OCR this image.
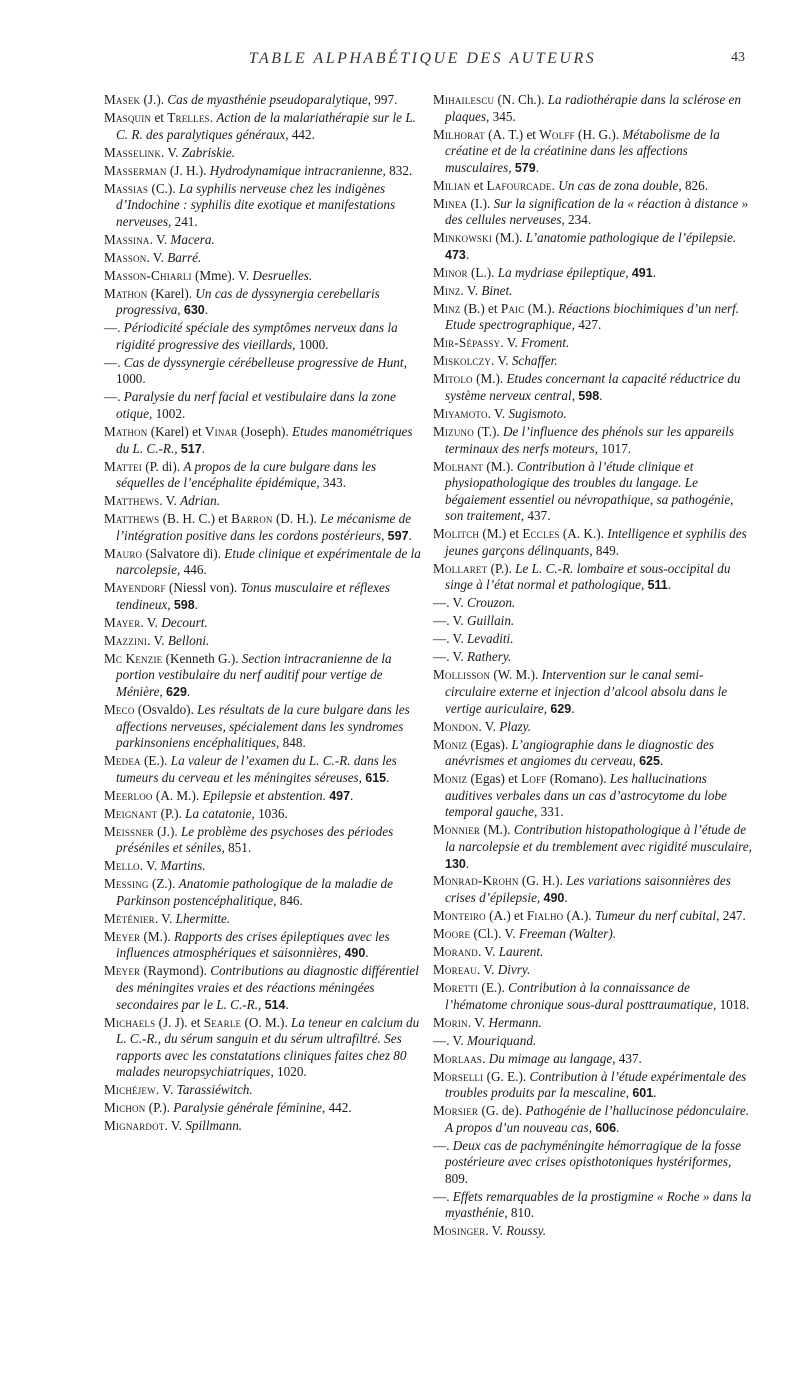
TABLE ALPHABÉTIQUE DES AUTEURS	43

Masek (J.). Cas de myasthénie pseudoparalytique, 997.

Masquin et Trelles. Action de la malariathérapie sur le L. C. R. des paralytiques généraux, 442.

Masselink. V. Zabriskie.

Masserman (J. H.). Hydrodynamique intracranienne, 832.

Massias (C.). La syphilis nerveuse chez les indigènes d’Indochine : syphilis dite exotique et manifestations nerveuses, 241.

Massina. V. Macera.

Masson. V. Barré.

Masson-Chiarli (Mme). V. Desruelles.

Mathon (Karel). Un cas de dyssynergia cerebellaris progressiva, 630.

—. Périodicité spéciale des symptômes nerveux dans la rigidité progressive des vieillards, 1000.

—. Cas de dyssynergie cérébelleuse progressive de Hunt, 1000.

—. Paralysie du nerf facial et vestibulaire dans la zone otique, 1002.

Mathon (Karel) et Vinar (Joseph). Etudes manométriques du L. C.-R., 517.

Mattei (P. di). A propos de la cure bulgare dans les séquelles de l’encéphalite épidémique, 343.

Matthews. V. Adrian.

Matthews (B. H. C.) et Barron (D. H.). Le mécanisme de l’intégration positive dans les cordons postérieurs, 597.

Mauro (Salvatore di). Etude clinique et expérimentale de la narcolepsie, 446.

Mayendorf (Niessl von). Tonus musculaire et réflexes tendineux, 598.

Mayer. V. Decourt.

Mazzini. V. Belloni.

Mc Kenzie (Kenneth G.). Section intracranienne de la portion vestibulaire du nerf auditif pour vertige de Ménière, 629.

Meco (Osvaldo). Les résultats de la cure bulgare dans les affections nerveuses, spécialement dans les syndromes parkinsoniens encéphalitiques, 848.

Medea (E.). La valeur de l’examen du L. C.-R. dans les tumeurs du cerveau et les méningites séreuses, 615.

Meerloo (A. M.). Epilepsie et abstention. 497.

Meignant (P.). La catatonie, 1036.

Meissner (J.). Le problème des psychoses des périodes préséniles et séniles, 851.

Mello. V. Martins.

Messing (Z.). Anatomie pathologique de la maladie de Parkinson postencéphalitique, 846.

Méténier. V. Lhermitte.

Meyer (M.). Rapports des crises épileptiques avec les influences atmosphériques et saisonnières, 490.

Meyer (Raymond). Contributions au diagnostic différentiel des méningites vraies et des réactions méningées secondaires par le L. C.-R., 514.

Michaels (J. J). et Searle (O. M.). La teneur en calcium du L. C.-R., du sérum sanguin et du sérum ultrafiltré. Ses rapports avec les constatations cliniques faites chez 80 malades neuropsychiatriques, 1020.

Michéjew. V. Tarassiéwitch.

Michon (P.). Paralysie générale féminine, 442.

Mignardot. V. Spillmann.

Mihailescu (N. Ch.). La radiothérapie dans la sclérose en plaques, 345.

Milhorat (A. T.) et Wolff (H. G.). Métabolisme de la créatine et de la créatinine dans les affections musculaires, 579.

Milian et Lafourcade. Un cas de zona double, 826.

Minea (I.). Sur la signification de la « réaction à distance » des cellules nerveuses, 234.

Minkowski (M.). L’anatomie pathologique de l’épilepsie. 473.

Minor (L.). La mydriase épileptique, 491.

Minz. V. Binet.

Minz (B.) et Paic (M.). Réactions biochimiques d’un nerf. Etude spectrographique, 427.

Mir-Sépassy. V. Froment.

Miskolczy. V. Schaffer.

Mitolo (M.). Etudes concernant la capacité réductrice du système nerveux central, 598.

Miyamoto. V. Sugismoto.

Mizuno (T.). De l’influence des phénols sur les appareils terminaux des nerfs moteurs, 1017.

Molhant (M.). Contribution à l’étude clinique et physiopathologique des troubles du langage. Le bégaiement essentiel ou névropathique, sa pathogénie, son traitement, 437.

Molitch (M.) et Eccles (A. K.). Intelligence et syphilis des jeunes garçons délinquants, 849.

Mollaret (P.). Le L. C.-R. lombaire et sous-occipital du singe à l’état normal et pathologique, 511.

—. V. Crouzon.

—. V. Guillain.

—. V. Levaditi.

—. V. Rathery.

Mollisson (W. M.). Intervention sur le canal semi-circulaire externe et injection d’alcool absolu dans le vertige auriculaire, 629.

Mondon. V. Plazy.

Moniz (Egas). L’angiographie dans le diagnostic des anévrismes et angiomes du cerveau, 625.

Moniz (Egas) et Loff (Romano). Les hallucinations auditives verbales dans un cas d’astrocytome du lobe temporal gauche, 331.

Monnier (M.). Contribution histopathologique à l’étude de la narcolepsie et du tremblement avec rigidité musculaire, 130.

Monrad-Krohn (G. H.). Les variations saisonnières des crises d’épilepsie, 490.

Monteiro (A.) et Fialho (A.). Tumeur du nerf cubital, 247.

Moore (Cl.). V. Freeman (Walter).

Morand. V. Laurent.

Moreau. V. Divry.

Moretti (E.). Contribution à la connaissance de l’hématome chronique sous-dural posttraumatique, 1018.

Morin. V. Hermann.

—. V. Mouriquand.

Morlaas. Du mimage au langage, 437.

Morselli (G. E.). Contribution à l’étude expérimentale des troubles produits par la mescaline, 601.

Morsier (G. de). Pathogénie de l’hallucinose pédonculaire. A propos d’un nouveau cas, 606.

—. Deux cas de pachyméningite hémorragique de la fosse postérieure avec crises opisthotoniques hystériformes, 809.

—. Effets remarquables de la prostigmine « Roche » dans la myasthénie, 810.

Mosinger. V. Roussy.
